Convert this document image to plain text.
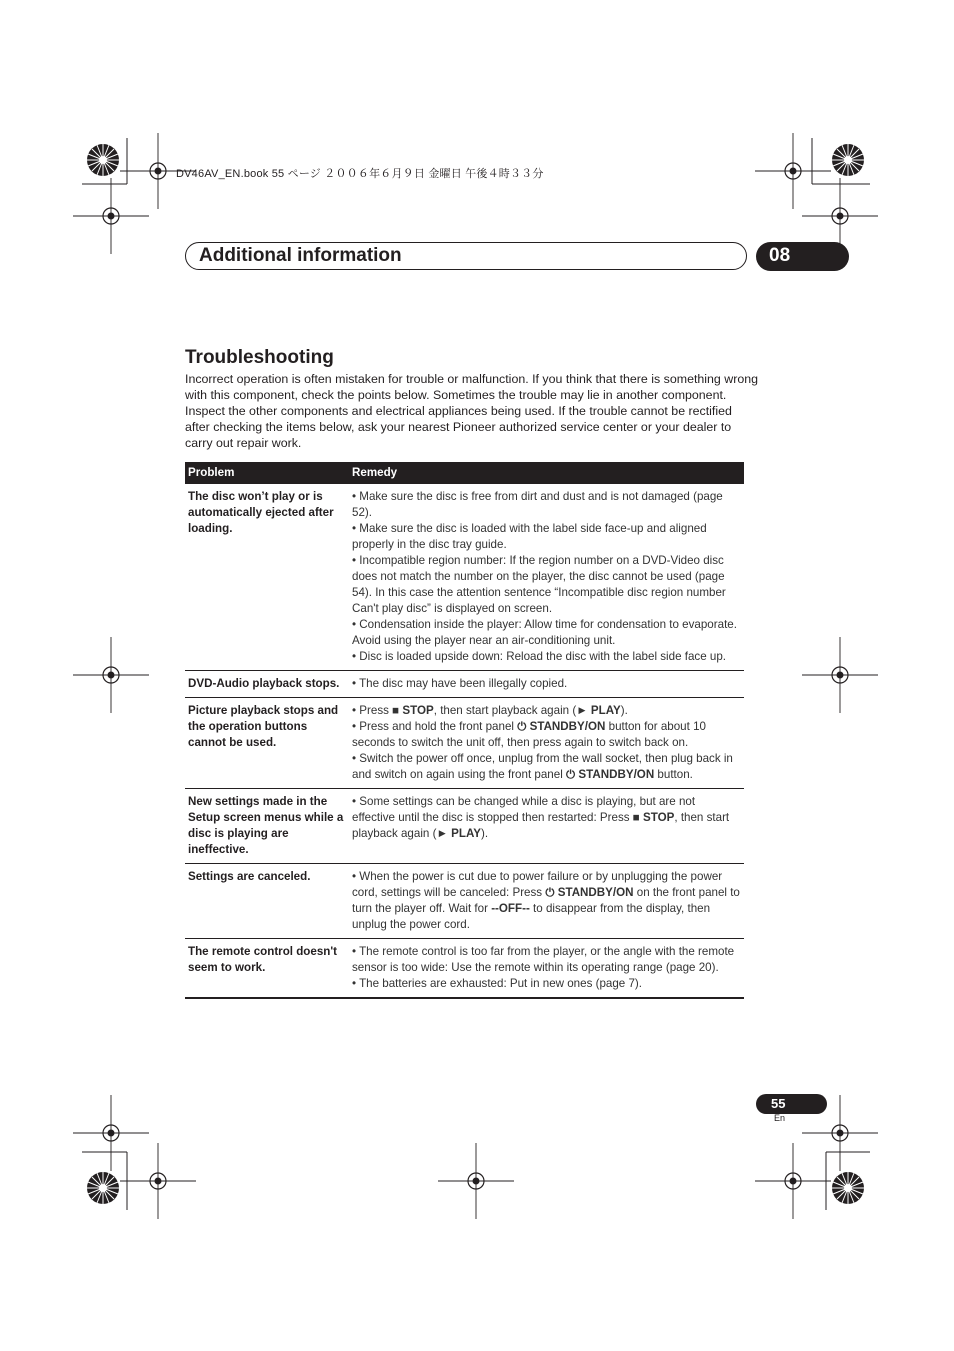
DV46AV_EN.book 55 ページ ２００６年６月９日 金曜日 午後４時３３分
Additional information	08
Troubleshooting
Incorrect operation is often mistaken for trouble or malfunction. If you think that there is something wrong with this component, check the points below. Sometimes the trouble may lie in another component. Inspect the other components and electrical appliances being used. If the trouble cannot be rectified after checking the items below, ask your nearest Pioneer authorized service center or your dealer to carry out repair work.
Problem	Remedy
The disc won’t play or is automatically ejected after loading.	• Make sure the disc is free from dirt and dust and is not damaged (page 52).
• Make sure the disc is loaded with the label side face-up and aligned properly in the disc tray guide.
• Incompatible region number: If the region number on a DVD-Video disc does not match the number on the player, the disc cannot be used (page 54). In this case the attention sentence “Incompatible disc region number Can't play disc” is displayed on screen.
• Condensation inside the player: Allow time for condensation to evaporate. Avoid using the player near an air-conditioning unit.
• Disc is loaded upside down: Reload the disc with the label side face up.

DVD-Audio playback stops.	• The disc may have been illegally copied.

Picture playback stops and the operation buttons cannot be used.	• Press ■ STOP, then start playback again (► PLAY).
• Press and hold the front panel ⏻ STANDBY/ON button for about 10 seconds to switch the unit off, then press again to switch back on.
• Switch the power off once, unplug from the wall socket, then plug back in and switch on again using the front panel ⏻ STANDBY/ON button.

New settings made in the Setup screen menus while a disc is playing are ineffective.	• Some settings can be changed while a disc is playing, but are not effective until the disc is stopped then restarted: Press ■ STOP, then start playback again (► PLAY).

Settings are canceled.	• When the power is cut due to power failure or by unplugging the power cord, settings will be canceled: Press ⏻ STANDBY/ON on the front panel to turn the player off. Wait for --OFF-- to disappear from the display, then unplug the power cord.

The remote control doesn't seem to work.	• The remote control is too far from the player, or the angle with the remote sensor is too wide: Use the remote within its operating range (page 20).
• The batteries are exhausted: Put in new ones (page 7).
55
En
